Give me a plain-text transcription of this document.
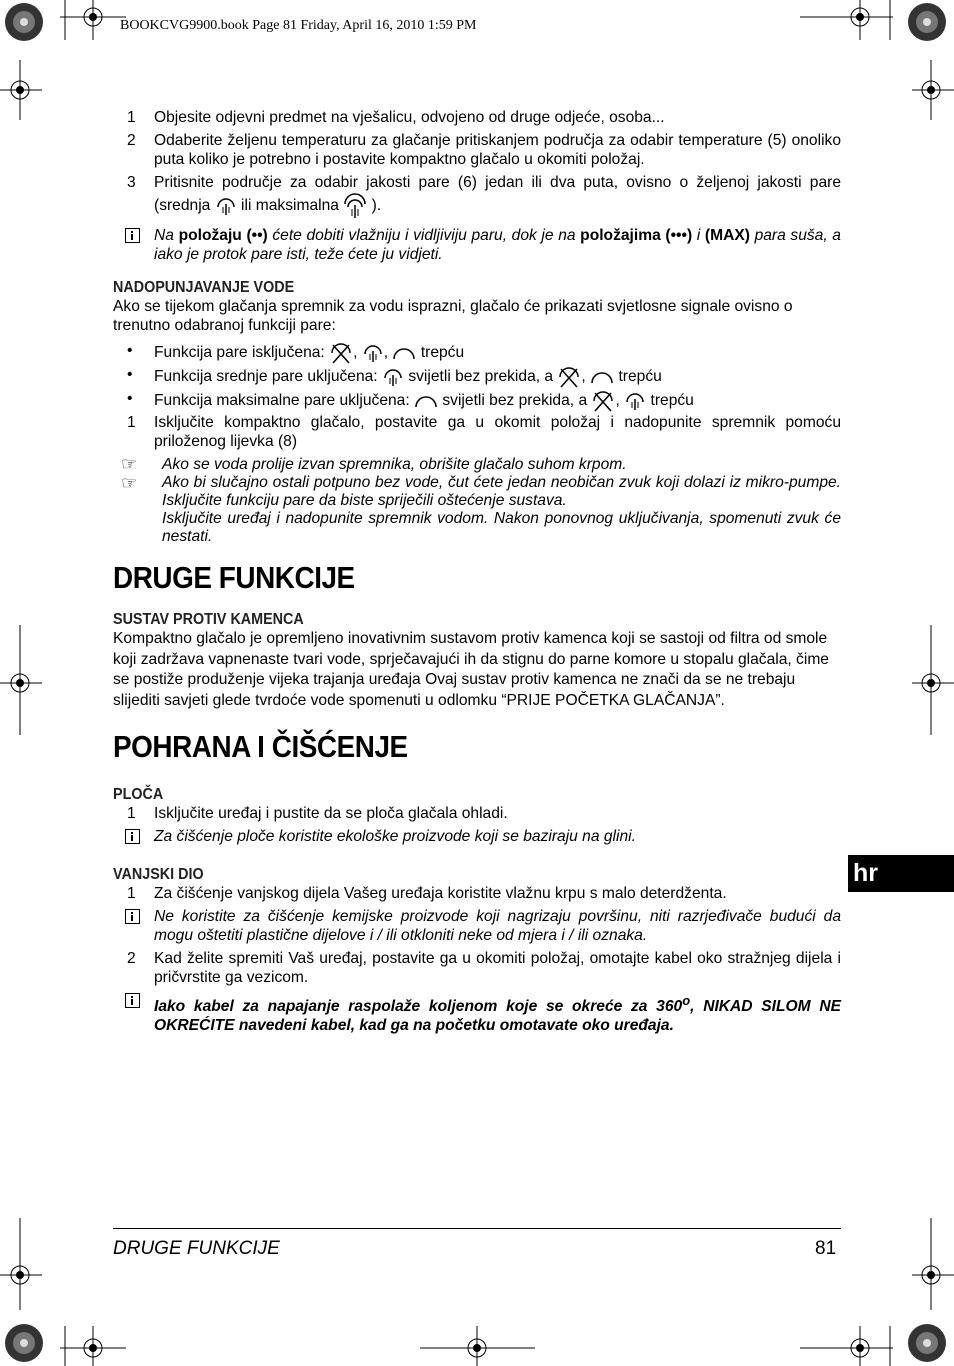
BOOKCVG9900.book Page 81 Friday, April 16, 2010 1:59 PM
1	Objesite odjevni predmet na vješalicu, odvojeno od druge odjeće, osoba...
2	Odaberite željenu temperaturu za glačanje pritiskanjem područja za odabir temperature (5) onoliko puta koliko je potrebno i postavite kompaktno glačalo u okomiti položaj.
3	Pritisnite područje za odabir jakosti pare (6) jedan ili dva puta, ovisno o željenoj jakosti pare (srednja ili maksimalna ).
Na položaju (••) ćete dobiti vlažniju i vidljiviju paru, dok je na položajima (•••) i (MAX) para suša, a iako je protok pare isti, teže ćete ju vidjeti.
NADOPUNJAVANJE VODE
Ako se tijekom glačanja spremnik za vodu isprazni, glačalo će prikazati svjetlosne signale ovisno o trenutno odabranoj funkciji pare:
•	Funkcija pare isključena: , , trepću
•	Funkcija srednje pare uključena: svijetli bez prekida, a , trepću
•	Funkcija maksimalne pare uključena: svijetli bez prekida, a , trepću
1	Isključite kompaktno glačalo, postavite ga u okomit položaj i nadopunite spremnik pomoću priloženog lijevka (8)
☞	Ako se voda prolije izvan spremnika, obrišite glačalo suhom krpom.
☞	Ako bi slučajno ostali potpuno bez vode, čut ćete jedan neobičan zvuk koji dolazi iz mikro-pumpe. Isključite funkciju pare da biste spriječili oštećenje sustava.
Isključite uređaj i nadopunite spremnik vodom. Nakon ponovnog uključivanja, spomenuti zvuk će nestati.
DRUGE FUNKCIJE
SUSTAV PROTIV KAMENCA
Kompaktno glačalo je opremljeno inovativnim sustavom protiv kamenca koji se sastoji od filtra od smole koji zadržava vapnenaste tvari vode, sprječavajući ih da stignu do parne komore u stopalu glačala, čime se postiže produženje vijeka trajanja uređaja Ovaj sustav protiv kamenca ne znači da se ne trebaju slijediti savjeti glede tvrdoće vode spomenuti u odlomku “PRIJE POČETKA GLAČANJA”.
POHRANA I ČIŠĆENJE
PLOČA
1	Isključite uređaj i pustite da se ploča glačala ohladi.
Za čišćenje ploče koristite ekološke proizvode koji se baziraju na glini.
VANJSKI DIO
1	Za čišćenje vanjskog dijela Vašeg uređaja koristite vlažnu krpu s malo deterdženta.
Ne koristite za čišćenje kemijske proizvode koji nagrizaju površinu, niti razrjeđivače budući da mogu oštetiti plastične dijelove i / ili otkloniti neke od mjera i / ili oznaka.
2	Kad želite spremiti Vaš uređaj, postavite ga u okomiti položaj, omotajte kabel oko stražnjeg dijela i pričvrstite ga vezicom.
Iako kabel za napajanje raspolaže koljenom koje se okreće za 360$^o$, NIKAD SILOM NE OKREĆITE navedeni kabel, kad ga na početku omotavate oko uređaja.
hr
DRUGE FUNKCIJE	81
